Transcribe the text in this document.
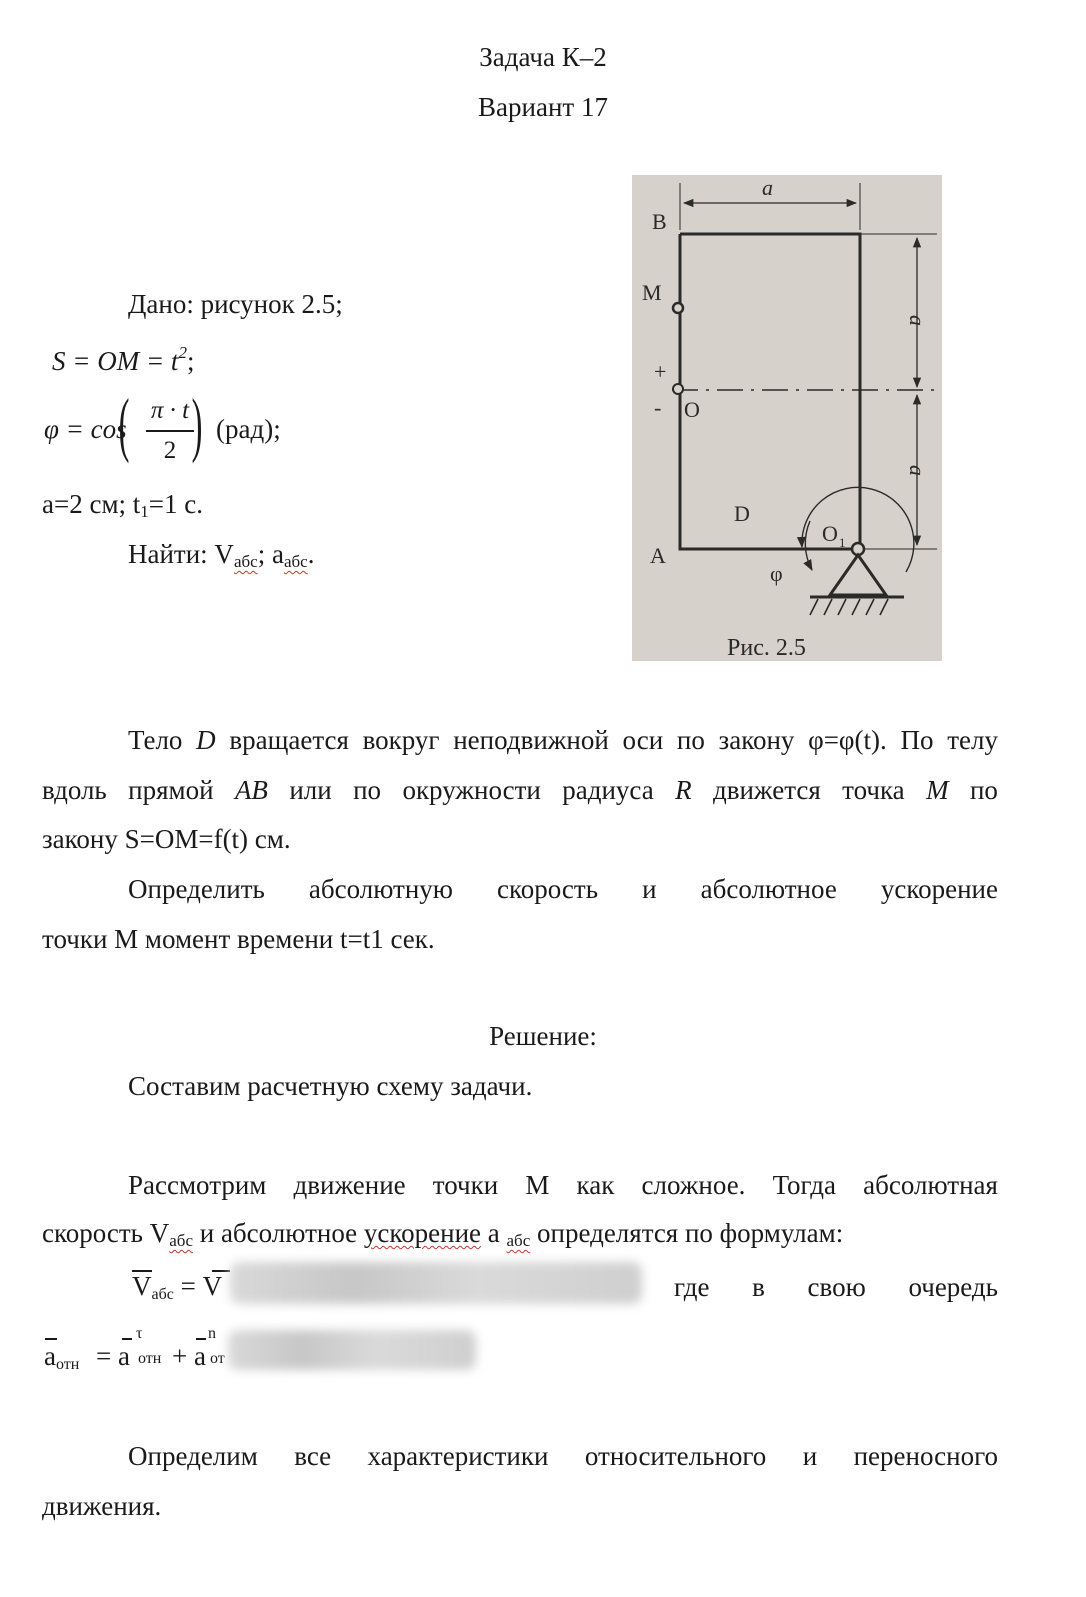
Задача К–2
Вариант 17
Дано: рисунок 2.5;
S = OM = $t^2$;
φ = cos
( π · t
2 ) (рад);
a=2 см; $t_1=1$ с.
Найти: $V_{абс}$; $a_{абс}$.
a
a
a
B
M
+
- O
D
A
O 1
φ
Рис. 2.5
Тело D вращается вокруг неподвижной оси по закону φ=φ(t). По телу
вдоль прямой AB или по окружности радиуса R движется точка M по
закону S=OM=f(t) см.
Определить абсолютную скорость и абсолютное ускорение
точки M момент времени t=t1 сек.
Решение:
Составим расчетную схему задачи.
Рассмотрим движение точки M как сложное. Тогда абсолютная
скорость $V_{абс}$ и абсолютное ускорение a $_{абс}$ определятся по формулам:
$V_{абс} = V$	где в свою очередь
$a_{отн} = a$
τ
отн + a
n
от
Определим все характеристики относительного и переносного
движения.
